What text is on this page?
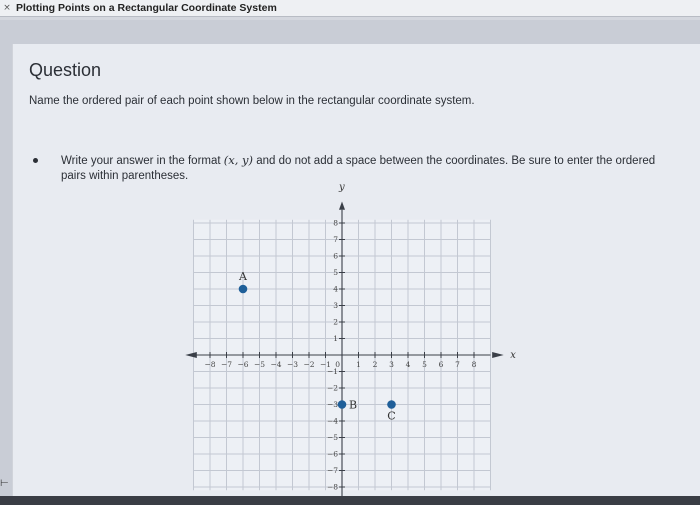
× Plotting Points on a Rectangular Coordinate System
Question
Name the ordered pair of each point shown below in the rectangular coordinate system.
Write your answer in the format (x, y) and do not add a space between the coordinates. Be sure to enter the ordered pairs within parentheses.
x
y
−8 −7 −6 −5 −4 −3 −2 −1	1 2 3 4 5 6 7 8
−8
−7
−6
−5
−4
−3
−2
−1
1
2
3
4
5
6
7
8
0
A
B
C
⊢
